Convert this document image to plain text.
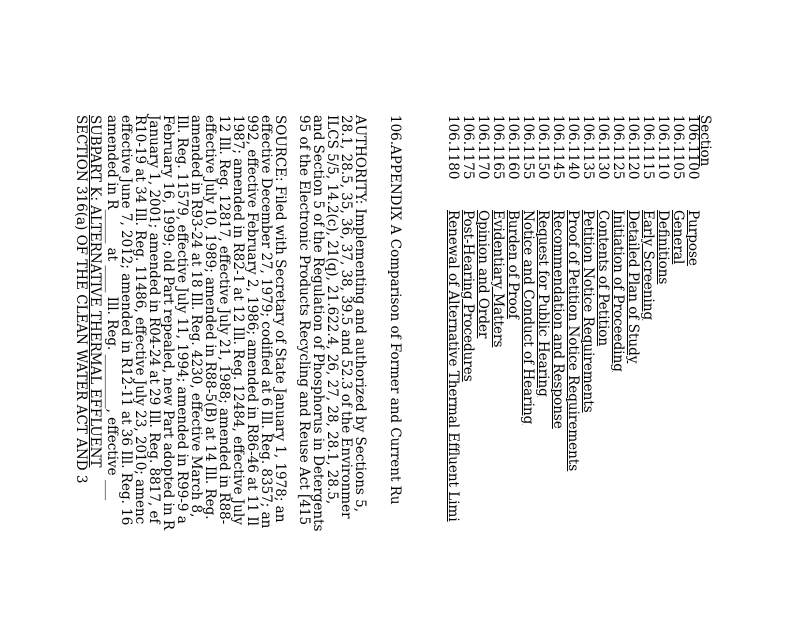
Section
106.1100
Purpose
106.1105
General
106.1110
Definitions
106.1115
Early Screening
106.1120
Detailed Plan of Study
106.1125
Initiation of Proceeding
106.1130
Contents of Petition
106.1135
Petition Notice Requirements
106.1140
Proof of Petition Notice Requirements
106.1145
Recommendation and Response
106.1150
Request for Public Hearing
106.1155
Notice and Conduct of Hearing
106.1160
Burden of Proof
106.1165
Evidentiary Matters
106.1170
Opinion and Order
106.1175
Post-Hearing Procedures
106.1180
Renewal of Alternative Thermal Effluent Limi
106.APPENDIX A Comparison of Former and Current Ru
AUTHORITY: Implementing and authorized by Sections 5,
28.1, 28.5, 35, 36, 37, 38, 39.5 and 52.3 of the Environmer
ILCS 5/5, 14.2(c), 21(q), 21.622.4, 26, 27, 28, 28.1, 28.5,
and Section 5 of the Regulation of Phosphorus in Detergents
95 of the Electronic Products Recycling and Reuse Act [415
SOURCE: Filed with Secretary of State January 1, 1978; an
effective December 27, 1979; codified at 6 Ill. Reg. 8357; an
992, effective February 2, 1986; amended in R86-46 at 11 Il
1987; amended in R82-1 at 12 Ill. Reg. 12484, effective July
12 Ill. Reg. 12817, effective July 21, 1988; amended in R88-
effective July 10, 1989; amended in R88-5(B) at 14 Ill. Reg.
amended in R93-24 at 18 Ill. Reg. 4230, effective March 8,
Ill. Reg. 11579, effective July 11, 1994; amended in R99-9 a
February 16, 1999; old Part repealed, new Part adopted in R
January 1, 2001; amended in R04-24 at 29 Ill. Reg. 8817, ef
R10-19 at 34 Ill. Reg. 11486, effective July 23, 2010; amenc
effective June 7, 2012; amended in R12-11 at 36 Ill. Reg. 16
amended in R_____ at ____ Ill. Reg. ________, effective ___
SUBPART K: ALTERNATIVE THERMAL EFFLUENT
SECTION 316(a) OF THE CLEAN WATER ACT AND 3
